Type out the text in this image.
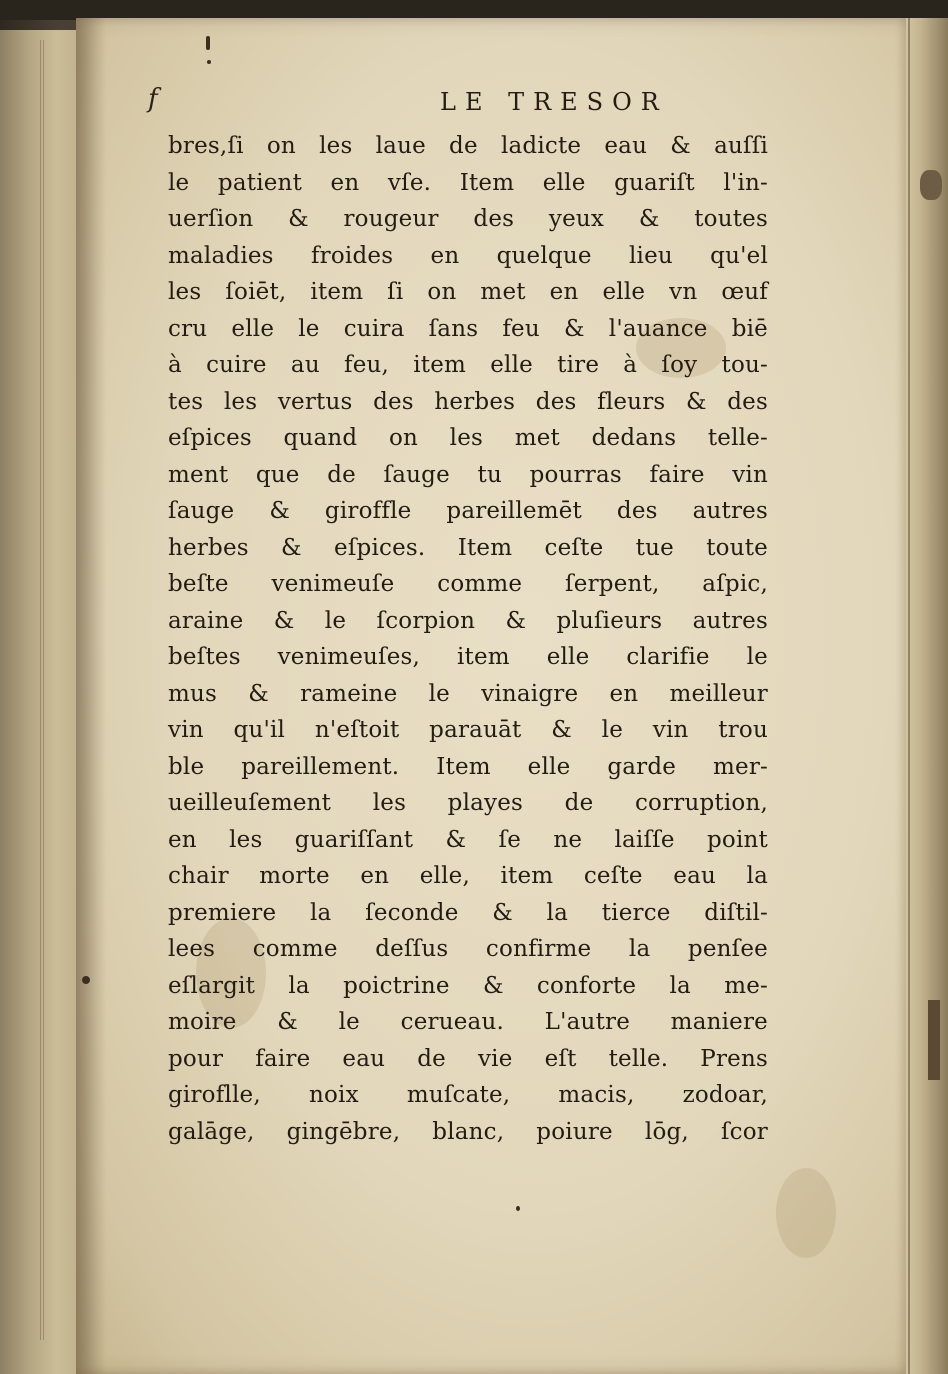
f	LE TRESOR
bres,ſi on les laue de ladicte eau & auſſi
le patient en vſe. Item elle guariſt l'in-
uerſion & rougeur des yeux & toutes
maladies froides en quelque lieu qu'el
les ſoiēt, item ſi on met en elle vn œuf
cru elle le cuira ſans feu & l'auance biē
à cuire au feu, item elle tire à ſoy tou-
tes les vertus des herbes des fleurs & des
eſpices quand on les met dedans telle-
ment que de ſauge tu pourras faire vin
ſauge & giroffle pareillemēt des autres
herbes & eſpices. Item ceſte tue toute
beſte venimeuſe comme ſerpent, aſpic,
araine & le ſcorpion & pluſieurs autres
beſtes venimeuſes, item elle clarifie le
mus & rameine le vinaigre en meilleur
vin qu'il n'eſtoit parauāt & le vin trou
ble pareillement. Item elle garde mer-
ueilleuſement les playes de corruption,
en les guariſſant & ſe ne laiſſe point
chair morte en elle, item ceſte eau la
premiere la ſeconde & la tierce diſtil-
lees comme deſſus confirme la penſee
eſlargit la poictrine & conforte la me-
moire & le cerueau. L'autre maniere
pour faire eau de vie eſt telle. Prens
giroflle, noix muſcate, macis, zodoar,
galāge, gingēbre, blanc, poiure lōg, ſcor
